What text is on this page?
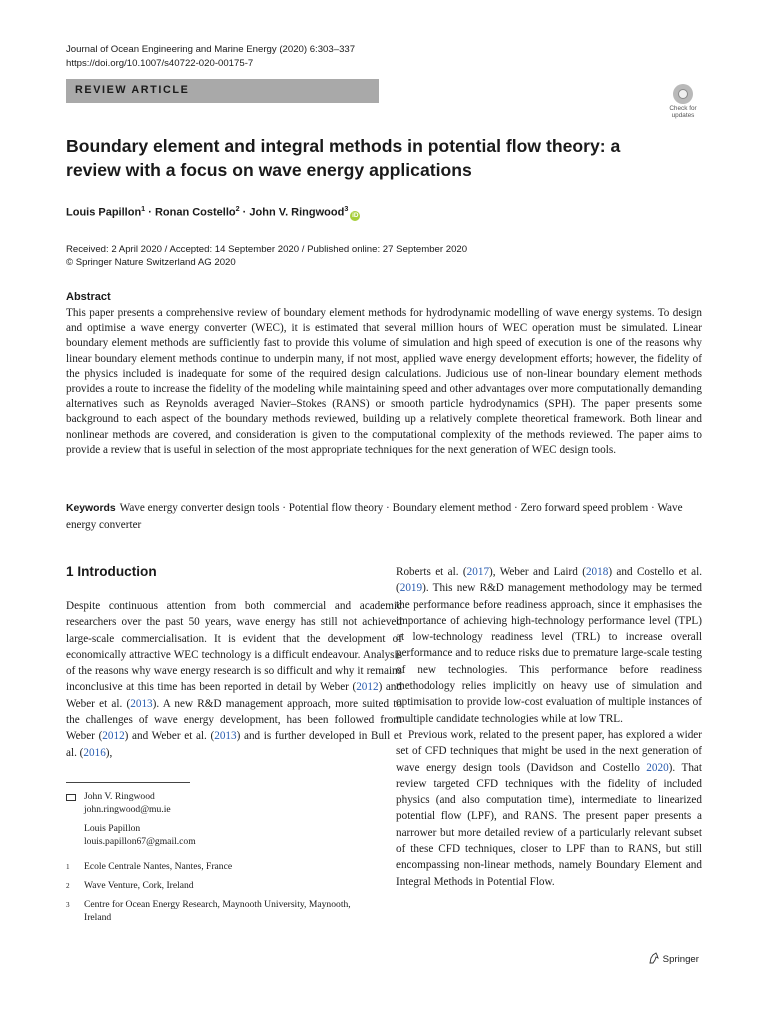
Journal of Ocean Engineering and Marine Energy (2020) 6:303–337
https://doi.org/10.1007/s40722-020-00175-7
REVIEW ARTICLE
Check for
updates
Boundary element and integral methods in potential flow theory: a review with a focus on wave energy applications
Louis Papillon$^1$ · Ronan Costello$^2$ · John V. Ringwood$^3$iD
Received: 2 April 2020 / Accepted: 14 September 2020 / Published online: 27 September 2020
© Springer Nature Switzerland AG 2020
Abstract
This paper presents a comprehensive review of boundary element methods for hydrodynamic modelling of wave energy systems. To design and optimise a wave energy converter (WEC), it is estimated that several million hours of WEC operation must be simulated. Linear boundary element methods are sufficiently fast to provide this volume of simulation and high speed of execution is one of the reasons why linear boundary element methods continue to underpin many, if not most, applied wave energy development efforts; however, the fidelity of the physics included is inadequate for some of the required design calculations. Judicious use of non-linear boundary element methods provides a route to increase the fidelity of the modeling while maintaining speed and other advantages over more computationally demanding alternatives such as Reynolds averaged Navier–Stokes (RANS) or smooth particle hydrodynamics (SPH). The paper presents some background to each aspect of the boundary methods reviewed, building up a relatively complete theoretical framework. Both linear and nonlinear methods are covered, and consideration is given to the computational complexity of the methods reviewed. The paper aims to provide a review that is useful in selection of the most appropriate techniques for the next generation of WEC design tools.
Keywords Wave energy converter design tools · Potential flow theory · Boundary element method · Zero forward speed problem · Wave energy converter
1 Introduction

Despite continuous attention from both commercial and academic researchers over the past 50 years, wave energy has still not achieved large-scale commercialisation. It is evident that the development of economically attractive WEC technology is a difficult endeavour. Analysis of the reasons why wave energy research is so difficult and why it remains inconclusive at this time has been reported in detail by Weber (2012) and Weber et al. (2013). A new R&D management approach, more suited to the challenges of wave energy development, has been followed from Weber (2012) and Weber et al. (2013) and is further developed in Bull et al. (2016),

John V. Ringwood
john.ringwood@mu.ie
Louis Papillon
louis.papillon67@gmail.com
1 Ecole Centrale Nantes, Nantes, France
2 Wave Venture, Cork, Ireland
3 Centre for Ocean Energy Research, Maynooth University, Maynooth, Ireland

Roberts et al. (2017), Weber and Laird (2018) and Costello et al. (2019). This new R&D management methodology may be termed the performance before readiness approach, since it emphasises the importance of achieving high-technology performance level (TPL) at low-technology readiness level (TRL) to increase overall performance and to reduce risks due to premature large-scale testing of new technologies. This performance before readiness methodology relies implicitly on heavy use of simulation and optimisation to provide low-cost evaluation of multiple instances of multiple candidate technologies while at low TRL.

Previous work, related to the present paper, has explored a wider set of CFD techniques that might be used in the next generation of wave energy design tools (Davidson and Costello 2020). That review targeted CFD techniques with the fidelity of included physics (and also computation time), intermediate to linearized potential flow (LPF), and RANS. The present paper presents a narrower but more detailed review of a particularly relevant subset of these CFD techniques, closer to LPF than to RANS, but still encompassing non-linear methods, namely Boundary Element and Integral Methods in Potential Flow.

Springer
